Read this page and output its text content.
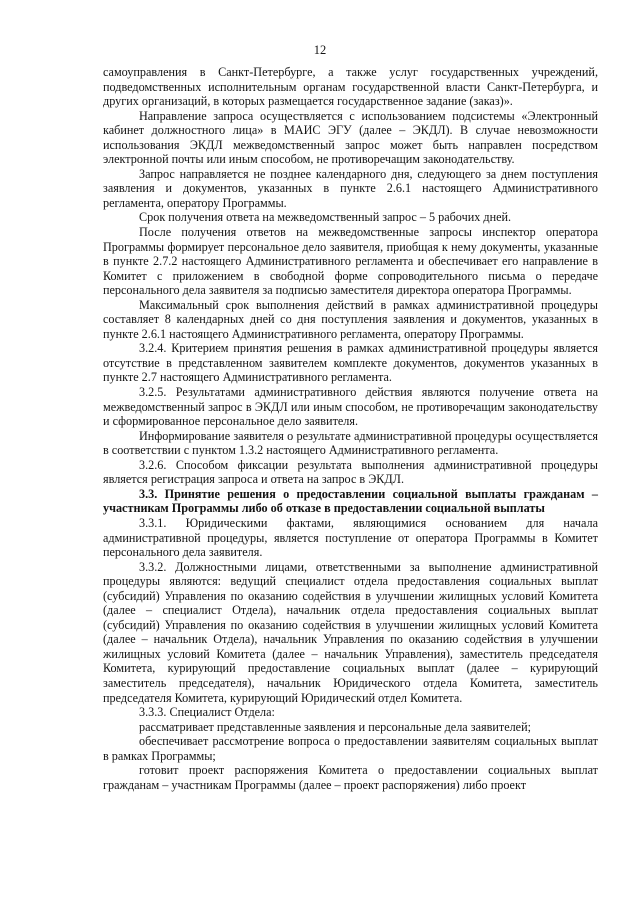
12

самоуправления в Санкт-Петербурге, а также услуг государственных учреждений, подведомственных исполнительным органам государственной власти Санкт-Петербурга, и других организаций, в которых размещается государственное задание (заказ)».

Направление запроса осуществляется с использованием подсистемы «Электронный кабинет должностного лица» в МАИС ЭГУ (далее – ЭКДЛ). В случае невозможности использования ЭКДЛ межведомственный запрос может быть направлен посредством электронной почты или иным способом, не противоречащим законодательству.

Запрос направляется не позднее календарного дня, следующего за днем поступления заявления и документов, указанных в пункте 2.6.1 настоящего Административного регламента, оператору Программы.

Срок получения ответа на межведомственный запрос – 5 рабочих дней.

После получения ответов на межведомственные запросы инспектор оператора Программы формирует персональное дело заявителя, приобщая к нему документы, указанные в пункте 2.7.2 настоящего Административного регламента и обеспечивает его направление в Комитет с приложением в свободной форме сопроводительного письма о передаче персонального дела заявителя за подписью заместителя директора оператора Программы.

Максимальный срок выполнения действий в рамках административной процедуры составляет 8 календарных дней со дня поступления заявления и документов, указанных в пункте 2.6.1 настоящего Административного регламента, оператору Программы.

3.2.4. Критерием принятия решения в рамках административной процедуры является отсутствие в представленном заявителем комплекте документов, документов указанных в пункте 2.7 настоящего Административного регламента.

3.2.5. Результатами административного действия являются получение ответа на межведомственный запрос в ЭКДЛ или иным способом, не противоречащим законодательству и сформированное персональное дело заявителя.

Информирование заявителя о результате административной процедуры осуществляется в соответствии с пунктом 1.3.2 настоящего Административного регламента.

3.2.6. Способом фиксации результата выполнения административной процедуры является регистрация запроса и ответа на запрос в ЭКДЛ.

3.3. Принятие решения о предоставлении социальной выплаты гражданам – участникам Программы либо об отказе в предоставлении социальной выплаты

3.3.1. Юридическими фактами, являющимися основанием для начала административной процедуры, является поступление от оператора Программы в Комитет персонального дела заявителя.

3.3.2. Должностными лицами, ответственными за выполнение административной процедуры являются: ведущий специалист отдела предоставления социальных выплат (субсидий) Управления по оказанию содействия в улучшении жилищных условий Комитета (далее – специалист Отдела), начальник отдела предоставления социальных выплат (субсидий) Управления по оказанию содействия в улучшении жилищных условий Комитета (далее – начальник Отдела), начальник Управления по оказанию содействия в улучшении жилищных условий Комитета (далее – начальник Управления), заместитель председателя Комитета, курирующий предоставление социальных выплат (далее – курирующий заместитель председателя), начальник Юридического отдела Комитета, заместитель председателя Комитета, курирующий Юридический отдел Комитета.

3.3.3. Специалист Отдела:

рассматривает представленные заявления и персональные дела заявителей;

обеспечивает рассмотрение вопроса о предоставлении заявителям социальных выплат в рамках Программы;

готовит проект распоряжения Комитета о предоставлении социальных выплат гражданам – участникам Программы (далее – проект распоряжения) либо проект
